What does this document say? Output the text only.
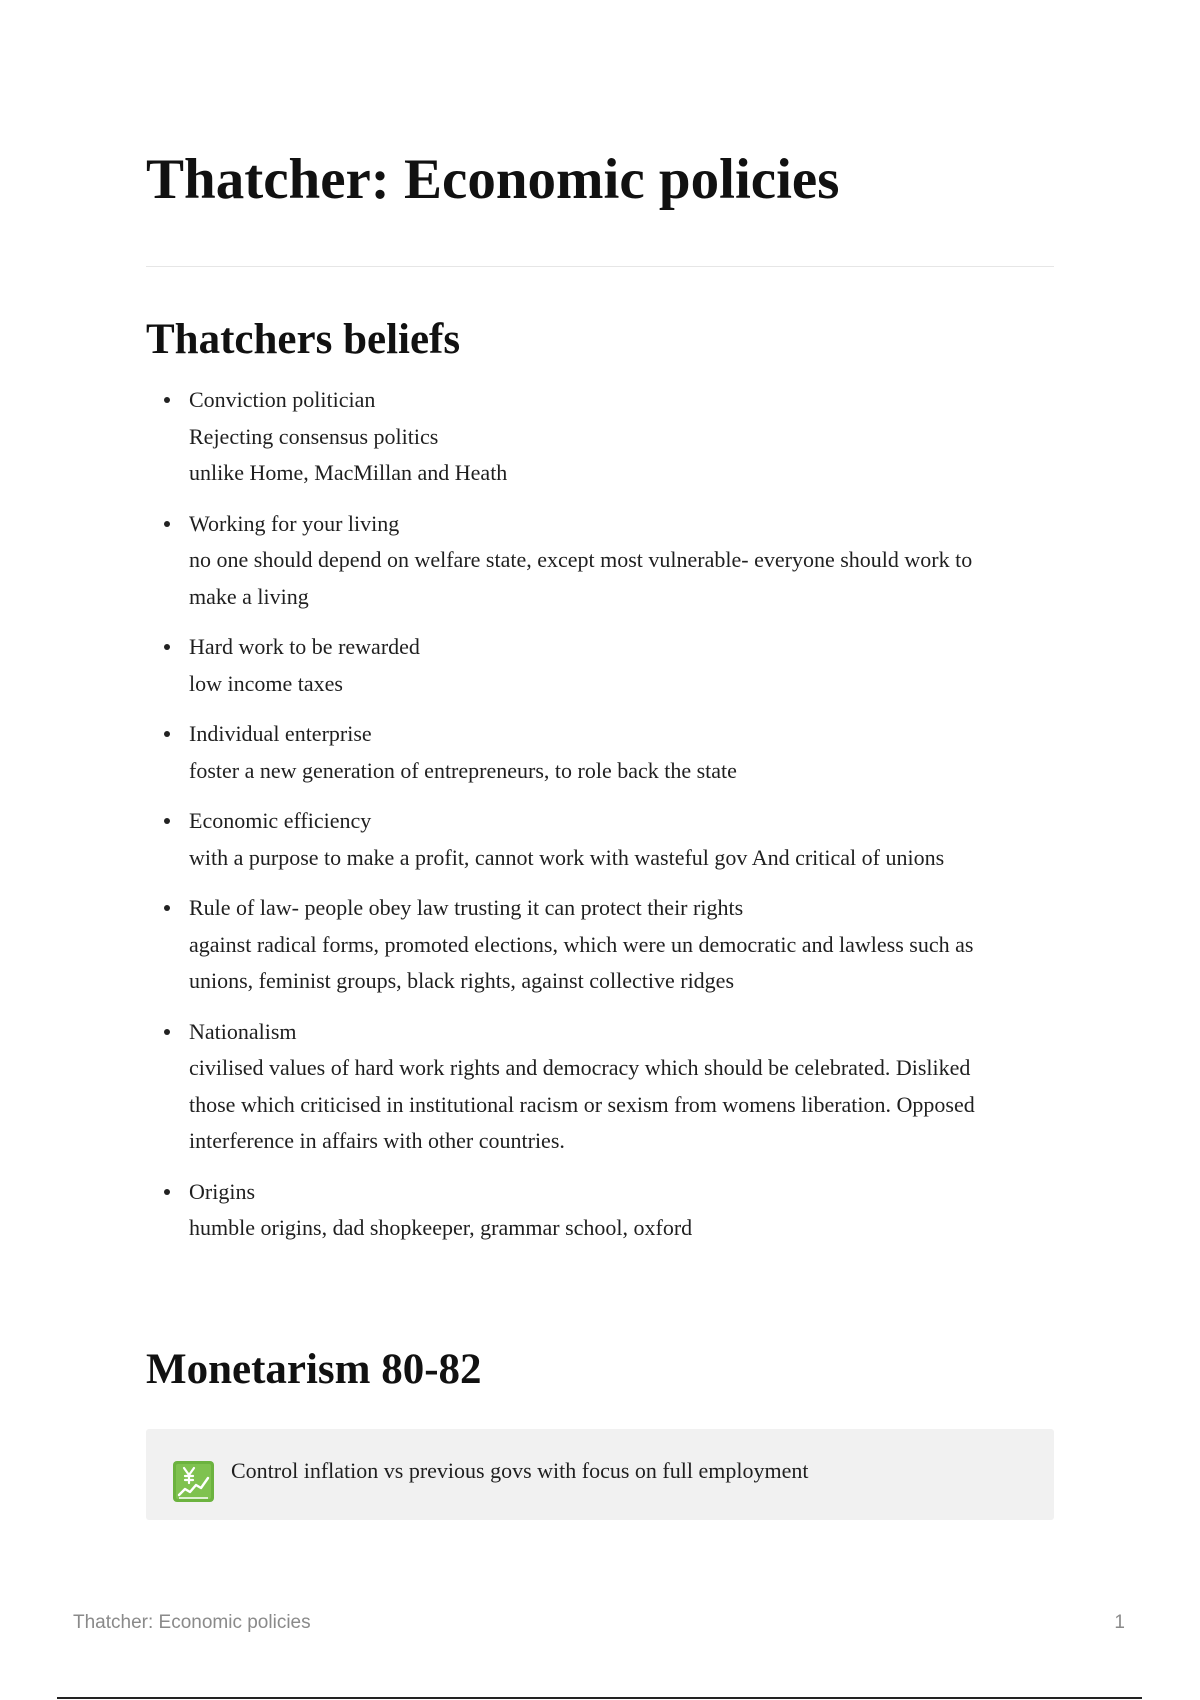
Thatcher: Economic policies
Thatchers beliefs
Conviction politician
Rejecting consensus politics
unlike Home, MacMillan and Heath
Working for your living
no one should depend on welfare state, except most vulnerable- everyone should work to
make a living
Hard work to be rewarded
low income taxes
Individual enterprise
foster a new generation of entrepreneurs, to role back the state
Economic efficiency
with a purpose to make a profit, cannot work with wasteful gov And critical of unions
Rule of law- people obey law trusting it can protect their rights
against radical forms, promoted elections, which were un democratic and lawless such as
unions, feminist groups, black rights, against collective ridges
Nationalism
civilised values of hard work rights and democracy which should be celebrated. Disliked
those which criticised in institutional racism or sexism from womens liberation. Opposed
interference in affairs with other countries.
Origins
humble origins, dad shopkeeper, grammar school, oxford
Monetarism 80-82
Control inflation vs previous govs with focus on full employment
Thatcher: Economic policies	1
